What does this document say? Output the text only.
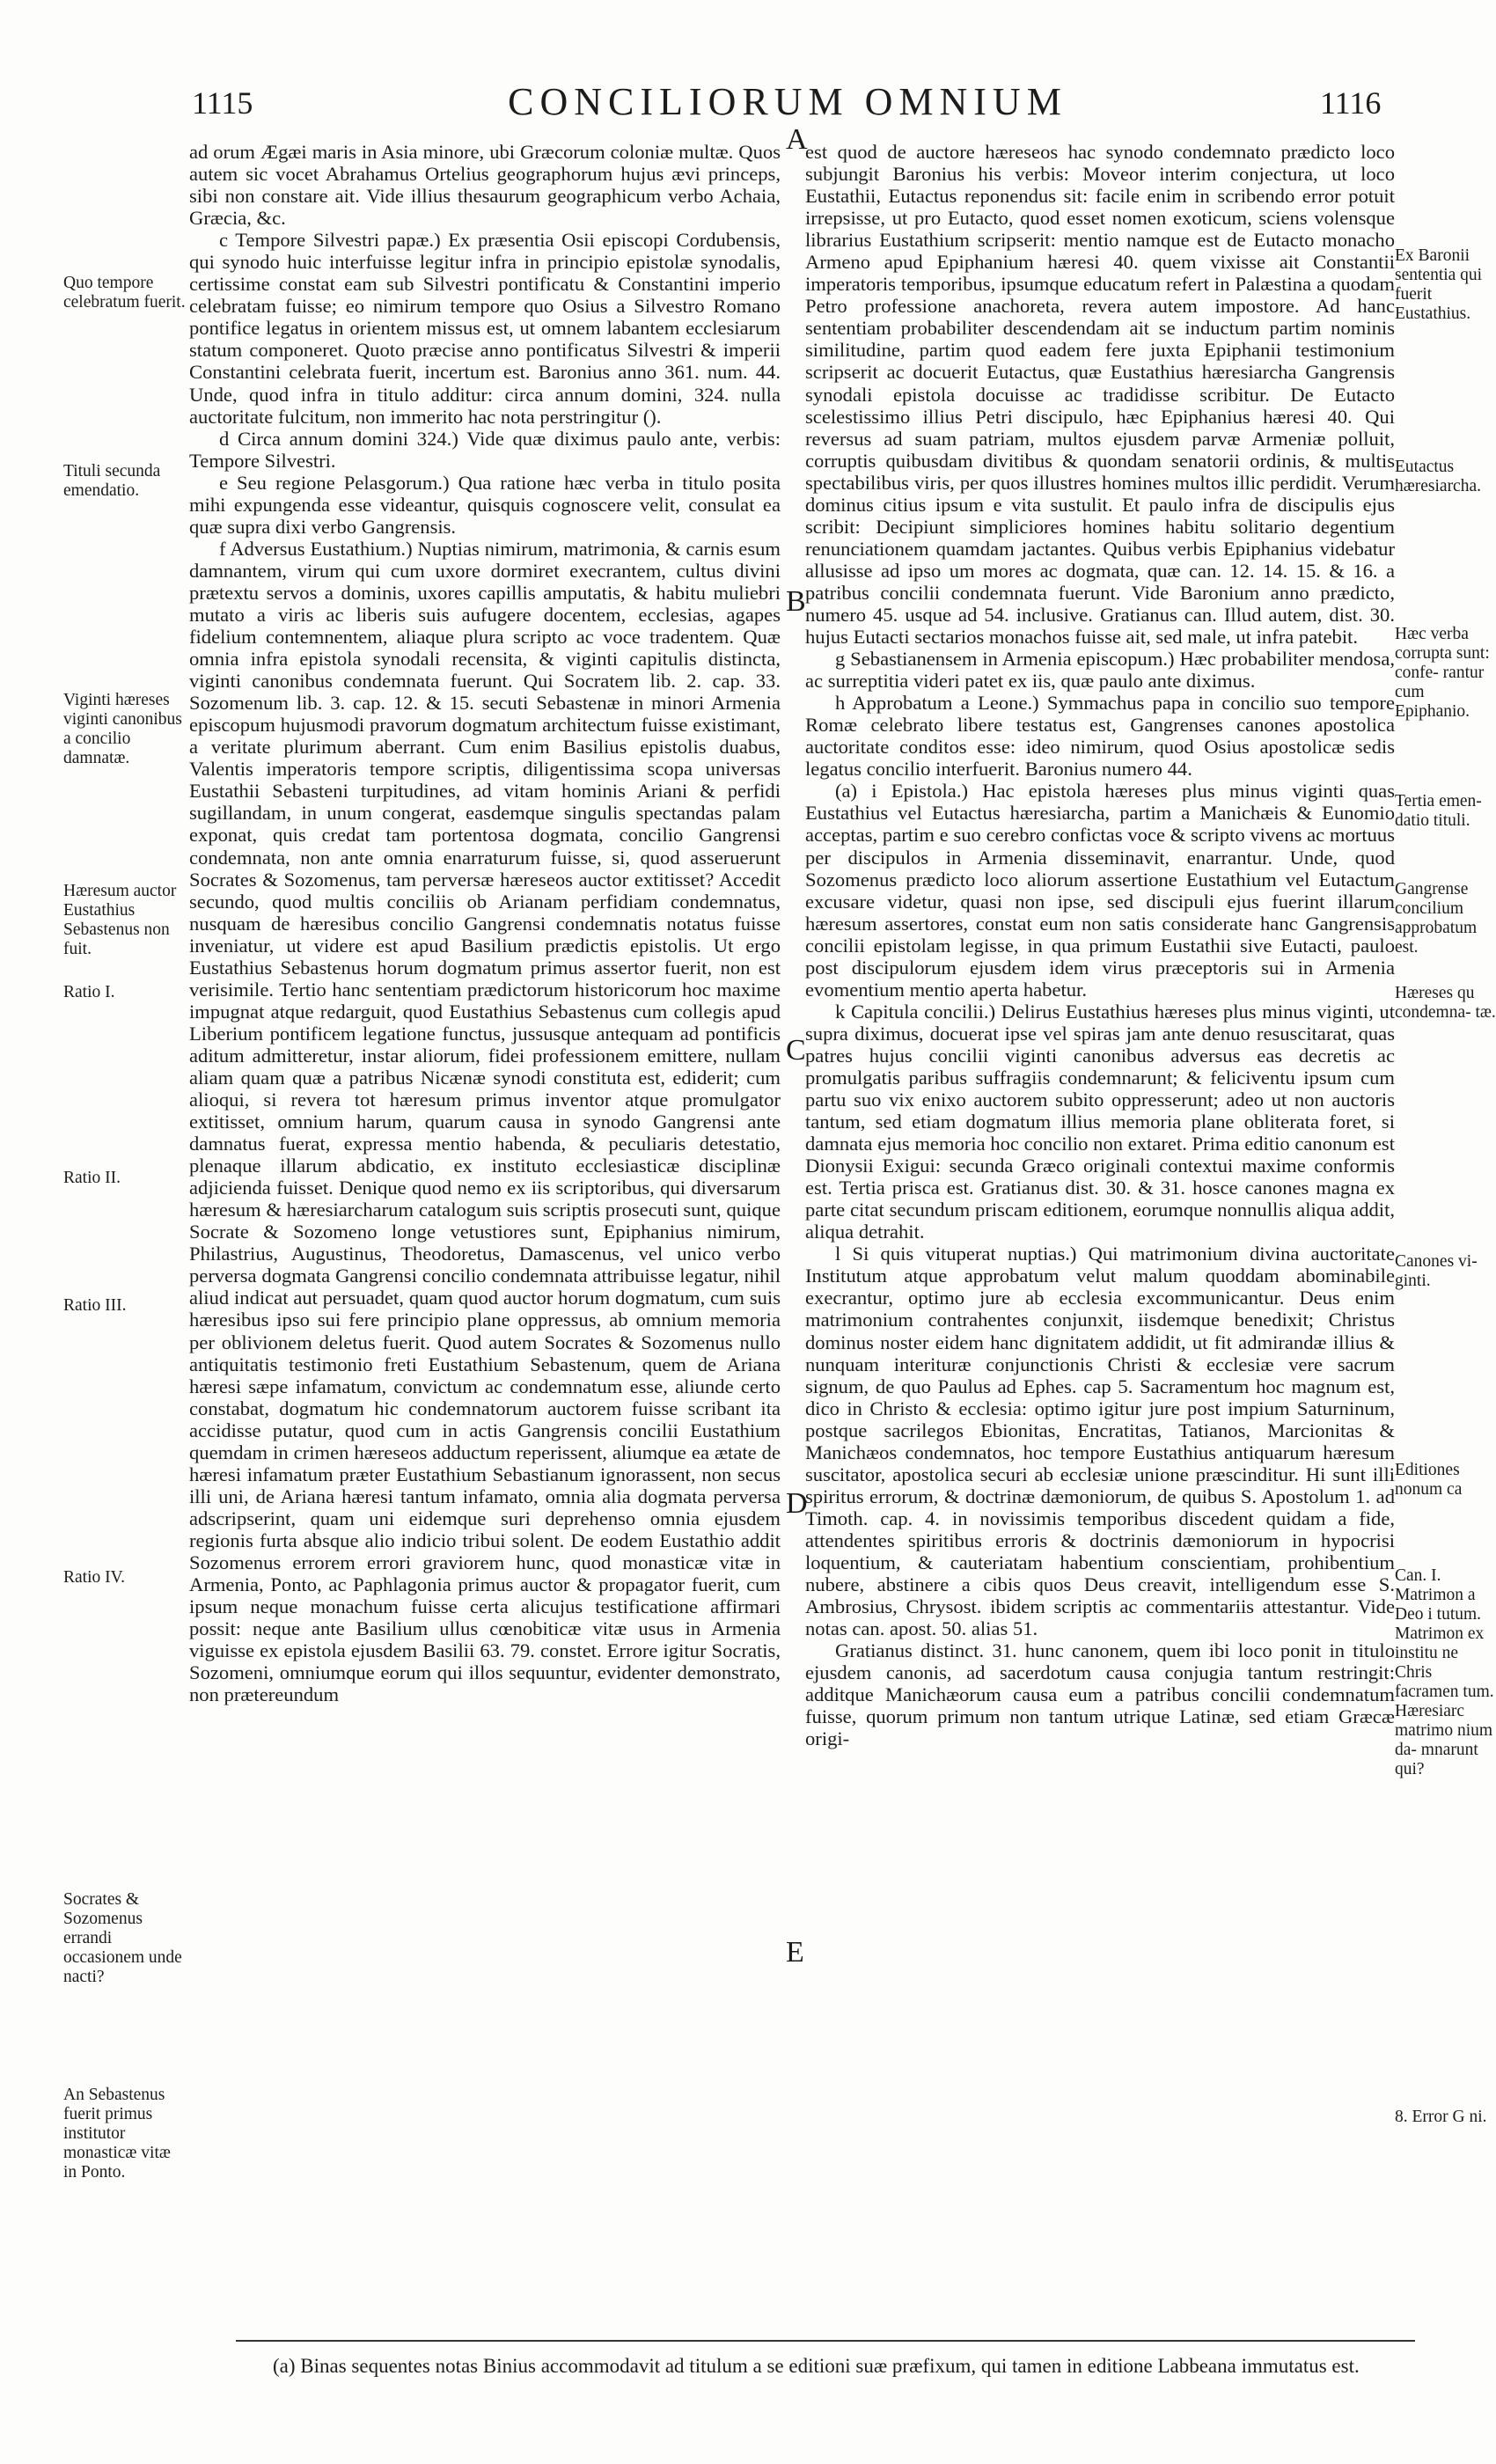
1115	CONCILIORUM OMNIUM	1116
Quo tempore celebratum fuerit.
Tituli secunda emendatio.
Viginti hæreses viginti canonibus a concilio damnatæ.
Hæresum auctor Eustathius Sebastenus non fuit.
Ratio I.
Ratio II.
Ratio III.
Ratio IV.
Socrates & Sozomenus errandi occasionem unde nacti?
An Sebastenus fuerit primus institutor monasticæ vitæ in Ponto.
Ex Baronii sententia qui fuerit Eustathius.
Eutactus hæresiarcha.
Hæc verba corrupta sunt: confe- rantur cum Epiphanio.
Tertia emen- datio tituli.
Gangrense concilium approbatum est.
Hæreses qu condemna- tæ.
Canones vi- ginti.
Editiones nonum ca
Can. I. Matrimon a Deo i tutum. Matrimon ex institu ne Chris facramen tum. Hæresiarc matrimo nium da- mnarunt qui?
8. Error G ni.
A
B
C
D
E

ad orum Ægæi maris in Asia minore, ubi Græcorum coloniæ multæ. Quos autem sic vocet Abrahamus Ortelius geographorum hujus ævi princeps, sibi non constare ait. Vide illius thesaurum geographicum verbo Achaia, Græcia, &c.

c Tempore Silvestri papæ.) Ex præsentia Osii episcopi Cordubensis, qui synodo huic interfuisse legitur infra in principio epistolæ synodalis, certissime constat eam sub Silvestri pontificatu & Constantini imperio celebratam fuisse; eo nimirum tempore quo Osius a Silvestro Romano pontifice legatus in orientem missus est, ut omnem labantem ecclesiarum statum componeret. Quoto præcise anno pontificatus Silvestri & imperii Constantini celebrata fuerit, incertum est. Baronius anno 361. num. 44. Unde, quod infra in titulo additur: circa annum domini, 324. nulla auctoritate fulcitum, non immerito hac nota perstringitur ().

d Circa annum domini 324.) Vide quæ diximus paulo ante, verbis: Tempore Silvestri.

e Seu regione Pelasgorum.) Qua ratione hæc verba in titulo posita mihi expungenda esse videantur, quisquis cognoscere velit, consulat ea quæ supra dixi verbo Gangrensis.

f Adversus Eustathium.) Nuptias nimirum, matrimonia, & carnis esum damnantem, virum qui cum uxore dormiret execrantem, cultus divini prætextu servos a dominis, uxores capillis amputatis, & habitu muliebri mutato a viris ac liberis suis aufugere docentem, ecclesias, agapes fidelium contemnentem, aliaque plura scripto ac voce tradentem. Quæ omnia infra epistola synodali recensita, & viginti capitulis distincta, viginti canonibus condemnata fuerunt. Qui Socratem lib. 2. cap. 33. Sozomenum lib. 3. cap. 12. & 15. secuti Sebastenæ in minori Armenia episcopum hujusmodi pravorum dogmatum architectum fuisse existimant, a veritate plurimum aberrant. Cum enim Basilius epistolis duabus, Valentis imperatoris tempore scriptis, diligentissima scopa universas Eustathii Sebasteni turpitudines, ad vitam hominis Ariani & perfidi sugillandam, in unum congerat, easdemque singulis spectandas palam exponat, quis credat tam portentosa dogmata, concilio Gangrensi condemnata, non ante omnia enarraturum fuisse, si, quod asseruerunt Socrates & Sozomenus, tam perversæ hæreseos auctor extitisset? Accedit secundo, quod multis conciliis ob Arianam perfidiam condemnatus, nusquam de hæresibus concilio Gangrensi condemnatis notatus fuisse inveniatur, ut videre est apud Basilium prædictis epistolis. Ut ergo Eustathius Sebastenus horum dogmatum primus assertor fuerit, non est verisimile. Tertio hanc sententiam prædictorum historicorum hoc maxime impugnat atque redarguit, quod Eustathius Sebastenus cum collegis apud Liberium pontificem legatione functus, jussusque antequam ad pontificis aditum admitteretur, instar aliorum, fidei professionem emittere, nullam aliam quam quæ a patribus Nicænæ synodi constituta est, ediderit; cum alioqui, si revera tot hæresum primus inventor atque promulgator extitisset, omnium harum, quarum causa in synodo Gangrensi ante damnatus fuerat, expressa mentio habenda, & peculiaris detestatio, plenaque illarum abdicatio, ex instituto ecclesiasticæ disciplinæ adjicienda fuisset. Denique quod nemo ex iis scriptoribus, qui diversarum hæresum & hæresiarcharum catalogum suis scriptis prosecuti sunt, quique Socrate & Sozomeno longe vetustiores sunt, Epiphanius nimirum, Philastrius, Augustinus, Theodoretus, Damascenus, vel unico verbo perversa dogmata Gangrensi concilio condemnata attribuisse legatur, nihil aliud indicat aut persuadet, quam quod auctor horum dogmatum, cum suis hæresibus ipso sui fere principio plane oppressus, ab omnium memoria per oblivionem deletus fuerit. Quod autem Socrates & Sozomenus nullo antiquitatis testimonio freti Eustathium Sebastenum, quem de Ariana hæresi sæpe infamatum, convictum ac condemnatum esse, aliunde certo constabat, dogmatum hic condemnatorum auctorem fuisse scribant ita accidisse putatur, quod cum in actis Gangrensis concilii Eustathium quemdam in crimen hæreseos adductum reperissent, aliumque ea ætate de hæresi infamatum præter Eustathium Sebastianum ignorassent, non secus illi uni, de Ariana hæresi tantum infamato, omnia alia dogmata perversa adscripserint, quam uni eidemque suri deprehenso omnia ejusdem regionis furta absque alio indicio tribui solent. De eodem Eustathio addit Sozomenus errorem errori graviorem hunc, quod monasticæ vitæ in Armenia, Ponto, ac Paphlagonia primus auctor & propagator fuerit, cum ipsum neque monachum fuisse certa alicujus testificatione affirmari possit: neque ante Basilium ullus cœnobiticæ vitæ usus in Armenia viguisse ex epistola ejusdem Basilii 63. 79. constet. Errore igitur Socratis, Sozomeni, omniumque eorum qui illos sequuntur, evidenter demonstrato, non prætereundum

est quod de auctore hæreseos hac synodo condemnato prædicto loco subjungit Baronius his verbis: Moveor interim conjectura, ut loco Eustathii, Eutactus reponendus sit: facile enim in scribendo error potuit irrepsisse, ut pro Eutacto, quod esset nomen exoticum, sciens volensque librarius Eustathium scripserit: mentio namque est de Eutacto monacho Armeno apud Epiphanium hæresi 40. quem vixisse ait Constantii imperatoris temporibus, ipsumque educatum refert in Palæstina a quodam Petro professione anachoreta, revera autem impostore. Ad hanc sententiam probabiliter descendendam ait se inductum partim nominis similitudine, partim quod eadem fere juxta Epiphanii testimonium scripserit ac docuerit Eutactus, quæ Eustathius hæresiarcha Gangrensis synodali epistola docuisse ac tradidisse scribitur. De Eutacto scelestissimo illius Petri discipulo, hæc Epiphanius hæresi 40. Qui reversus ad suam patriam, multos ejusdem parvæ Armeniæ polluit, corruptis quibusdam divitibus & quondam senatorii ordinis, & multis spectabilibus viris, per quos illustres homines multos illic perdidit. Verum dominus citius ipsum e vita sustulit. Et paulo infra de discipulis ejus scribit: Decipiunt simpliciores homines habitu solitario degentium renunciationem quamdam jactantes. Quibus verbis Epiphanius videbatur allusisse ad ipso um mores ac dogmata, quæ can. 12. 14. 15. & 16. a patribus concilii condemnata fuerunt. Vide Baronium anno prædicto, numero 45. usque ad 54. inclusive. Gratianus can. Illud autem, dist. 30. hujus Eutacti sectarios monachos fuisse ait, sed male, ut infra patebit.

g Sebastianensem in Armenia episcopum.) Hæc probabiliter mendosa, ac surreptitia videri patet ex iis, quæ paulo ante diximus.

h Approbatum a Leone.) Symmachus papa in concilio suo tempore Romæ celebrato libere testatus est, Gangrenses canones apostolica auctoritate conditos esse: ideo nimirum, quod Osius apostolicæ sedis legatus concilio interfuerit. Baronius numero 44.

(a) i Epistola.) Hac epistola hæreses plus minus viginti quas Eustathius vel Eutactus hæresiarcha, partim a Manichæis & Eunomio acceptas, partim e suo cerebro confictas voce & scripto vivens ac mortuus per discipulos in Armenia disseminavit, enarrantur. Unde, quod Sozomenus prædicto loco aliorum assertione Eustathium vel Eutactum excusare videtur, quasi non ipse, sed discipuli ejus fuerint illarum hæresum assertores, constat eum non satis considerate hanc Gangrensis concilii epistolam legisse, in qua primum Eustathii sive Eutacti, paulo post discipulorum ejusdem idem virus præceptoris sui in Armenia evomentium mentio aperta habetur.

k Capitula concilii.) Delirus Eustathius hæreses plus minus viginti, ut supra diximus, docuerat ipse vel spiras jam ante denuo resuscitarat, quas patres hujus concilii viginti canonibus adversus eas decretis ac promulgatis paribus suffragiis condemnarunt; & feliciventu ipsum cum partu suo vix enixo auctorem subito oppresserunt; adeo ut non auctoris tantum, sed etiam dogmatum illius memoria plane obliterata foret, si damnata ejus memoria hoc concilio non extaret. Prima editio canonum est Dionysii Exigui: secunda Græco originali contextui maxime conformis est. Tertia prisca est. Gratianus dist. 30. & 31. hosce canones magna ex parte citat secundum priscam editionem, eorumque nonnullis aliqua addit, aliqua detrahit.

l Si quis vituperat nuptias.) Qui matrimonium divina auctoritate Institutum atque approbatum velut malum quoddam abominabile execrantur, optimo jure ab ecclesia excommunicantur. Deus enim matrimonium contrahentes conjunxit, iisdemque benedixit; Christus dominus noster eidem hanc dignitatem addidit, ut fit admirandæ illius & nunquam interituræ conjunctionis Christi & ecclesiæ vere sacrum signum, de quo Paulus ad Ephes. cap 5. Sacramentum hoc magnum est, dico in Christo & ecclesia: optimo igitur jure post impium Saturninum, postque sacrilegos Ebionitas, Encratitas, Tatianos, Marcionitas & Manichæos condemnatos, hoc tempore Eustathius antiquarum hæresum suscitator, apostolica securi ab ecclesiæ unione præscinditur. Hi sunt illi spiritus errorum, & doctrinæ dæmoniorum, de quibus S. Apostolum 1. ad Timoth. cap. 4. in novissimis temporibus discedent quidam a fide, attendentes spiritibus erroris & doctrinis dæmoniorum in hypocrisi loquentium, & cauteriatam habentium conscientiam, prohibentium nubere, abstinere a cibis quos Deus creavit, intelligendum esse S. Ambrosius, Chrysost. ibidem scriptis ac commentariis attestantur. Vide notas can. apost. 50. alias 51.

Gratianus distinct. 31. hunc canonem, quem ibi loco ponit in titulo ejusdem canonis, ad sacerdotum causa conjugia tantum restringit: additque Manichæorum causa eum a patribus concilii condemnatum fuisse, quorum primum non tantum utrique Latinæ, sed etiam Græcæ origi-

(a) Binas sequentes notas Binius accommodavit ad titulum a se editioni suæ præfixum, qui tamen in editione Labbeana immutatus est.
